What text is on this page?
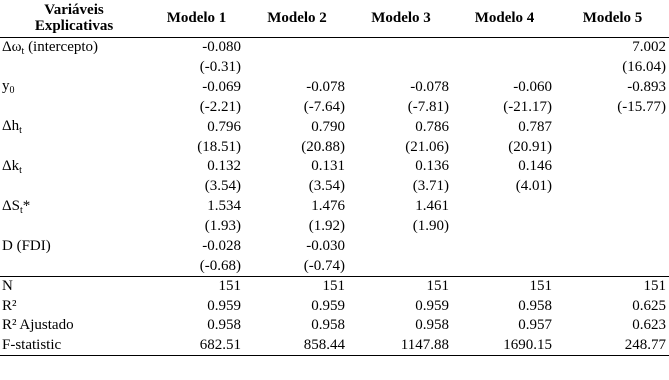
Variáveis
Explicativas	Modelo 1	Modelo 2	Modelo 3	Modelo 4	Modelo 5
$\Delta\omega_t$ (intercepto)	-0.080				7.002
	(-0.31)				(16.04)
$y_0$	-0.069	-0.078	-0.078	-0.060	-0.893
	(-2.21)	(-7.64)	(-7.81)	(-21.17)	(-15.77)
$\Delta h_t$	0.796	0.790	0.786	0.787	
	(18.51)	(20.88)	(21.06)	(20.91)	
$\Delta k_t$	0.132	0.131	0.136	0.146	
	(3.54)	(3.54)	(3.71)	(4.01)	
$\Delta S_t*$	1.534	1.476	1.461		
	(1.93)	(1.92)	(1.90)		
D (FDI)	-0.028	-0.030			
	(-0.68)	(-0.74)			
N	151	151	151	151	151
R²	0.959	0.959	0.959	0.958	0.625
R² Ajustado	0.958	0.958	0.958	0.957	0.623
F-statistic	682.51	858.44	1147.88	1690.15	248.77
